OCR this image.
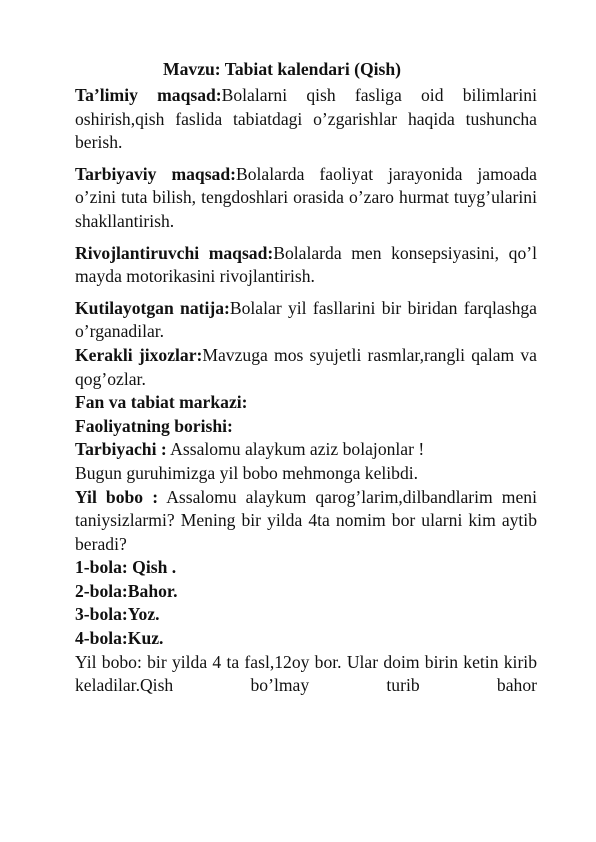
Mavzu: Tabiat kalendari (Qish)

Ta’limiy maqsad:Bolalarni qish fasliga oid bilimlarini oshirish,qish faslida tabiatdagi o’zgarishlar haqida tushuncha berish.

Tarbiyaviy maqsad:Bolalarda faoliyat jarayonida jamoada o’zini tuta bilish, tengdoshlari orasida o’zaro hurmat tuyg’ularini shakllantirish.

Rivojlantiruvchi maqsad:Bolalarda men konsepsiyasini, qo’l mayda motorikasini rivojlantirish.

Kutilayotgan natija:Bolalar yil fasllarini bir biridan farqlashga o’rganadilar.

Kerakli jixozlar:Mavzuga mos syujetli rasmlar,rangli qalam va qog’ozlar.

Fan va tabiat markazi:

Faoliyatning borishi:

Tarbiyachi : Assalomu alaykum aziz bolajonlar !

Bugun guruhimizga yil bobo mehmonga kelibdi.

Yil bobo : Assalomu alaykum qarog’larim,dilbandlarim meni taniysizlarmi? Mening bir yilda 4ta nomim bor ularni kim aytib beradi?

1-bola: Qish .

2-bola:Bahor.

3-bola:Yoz.

4-bola:Kuz.

Yil bobo: bir yilda 4 ta fasl,12oy bor. Ular doim birin ketin kirib keladilar.Qish bo’lmay turib bahor
